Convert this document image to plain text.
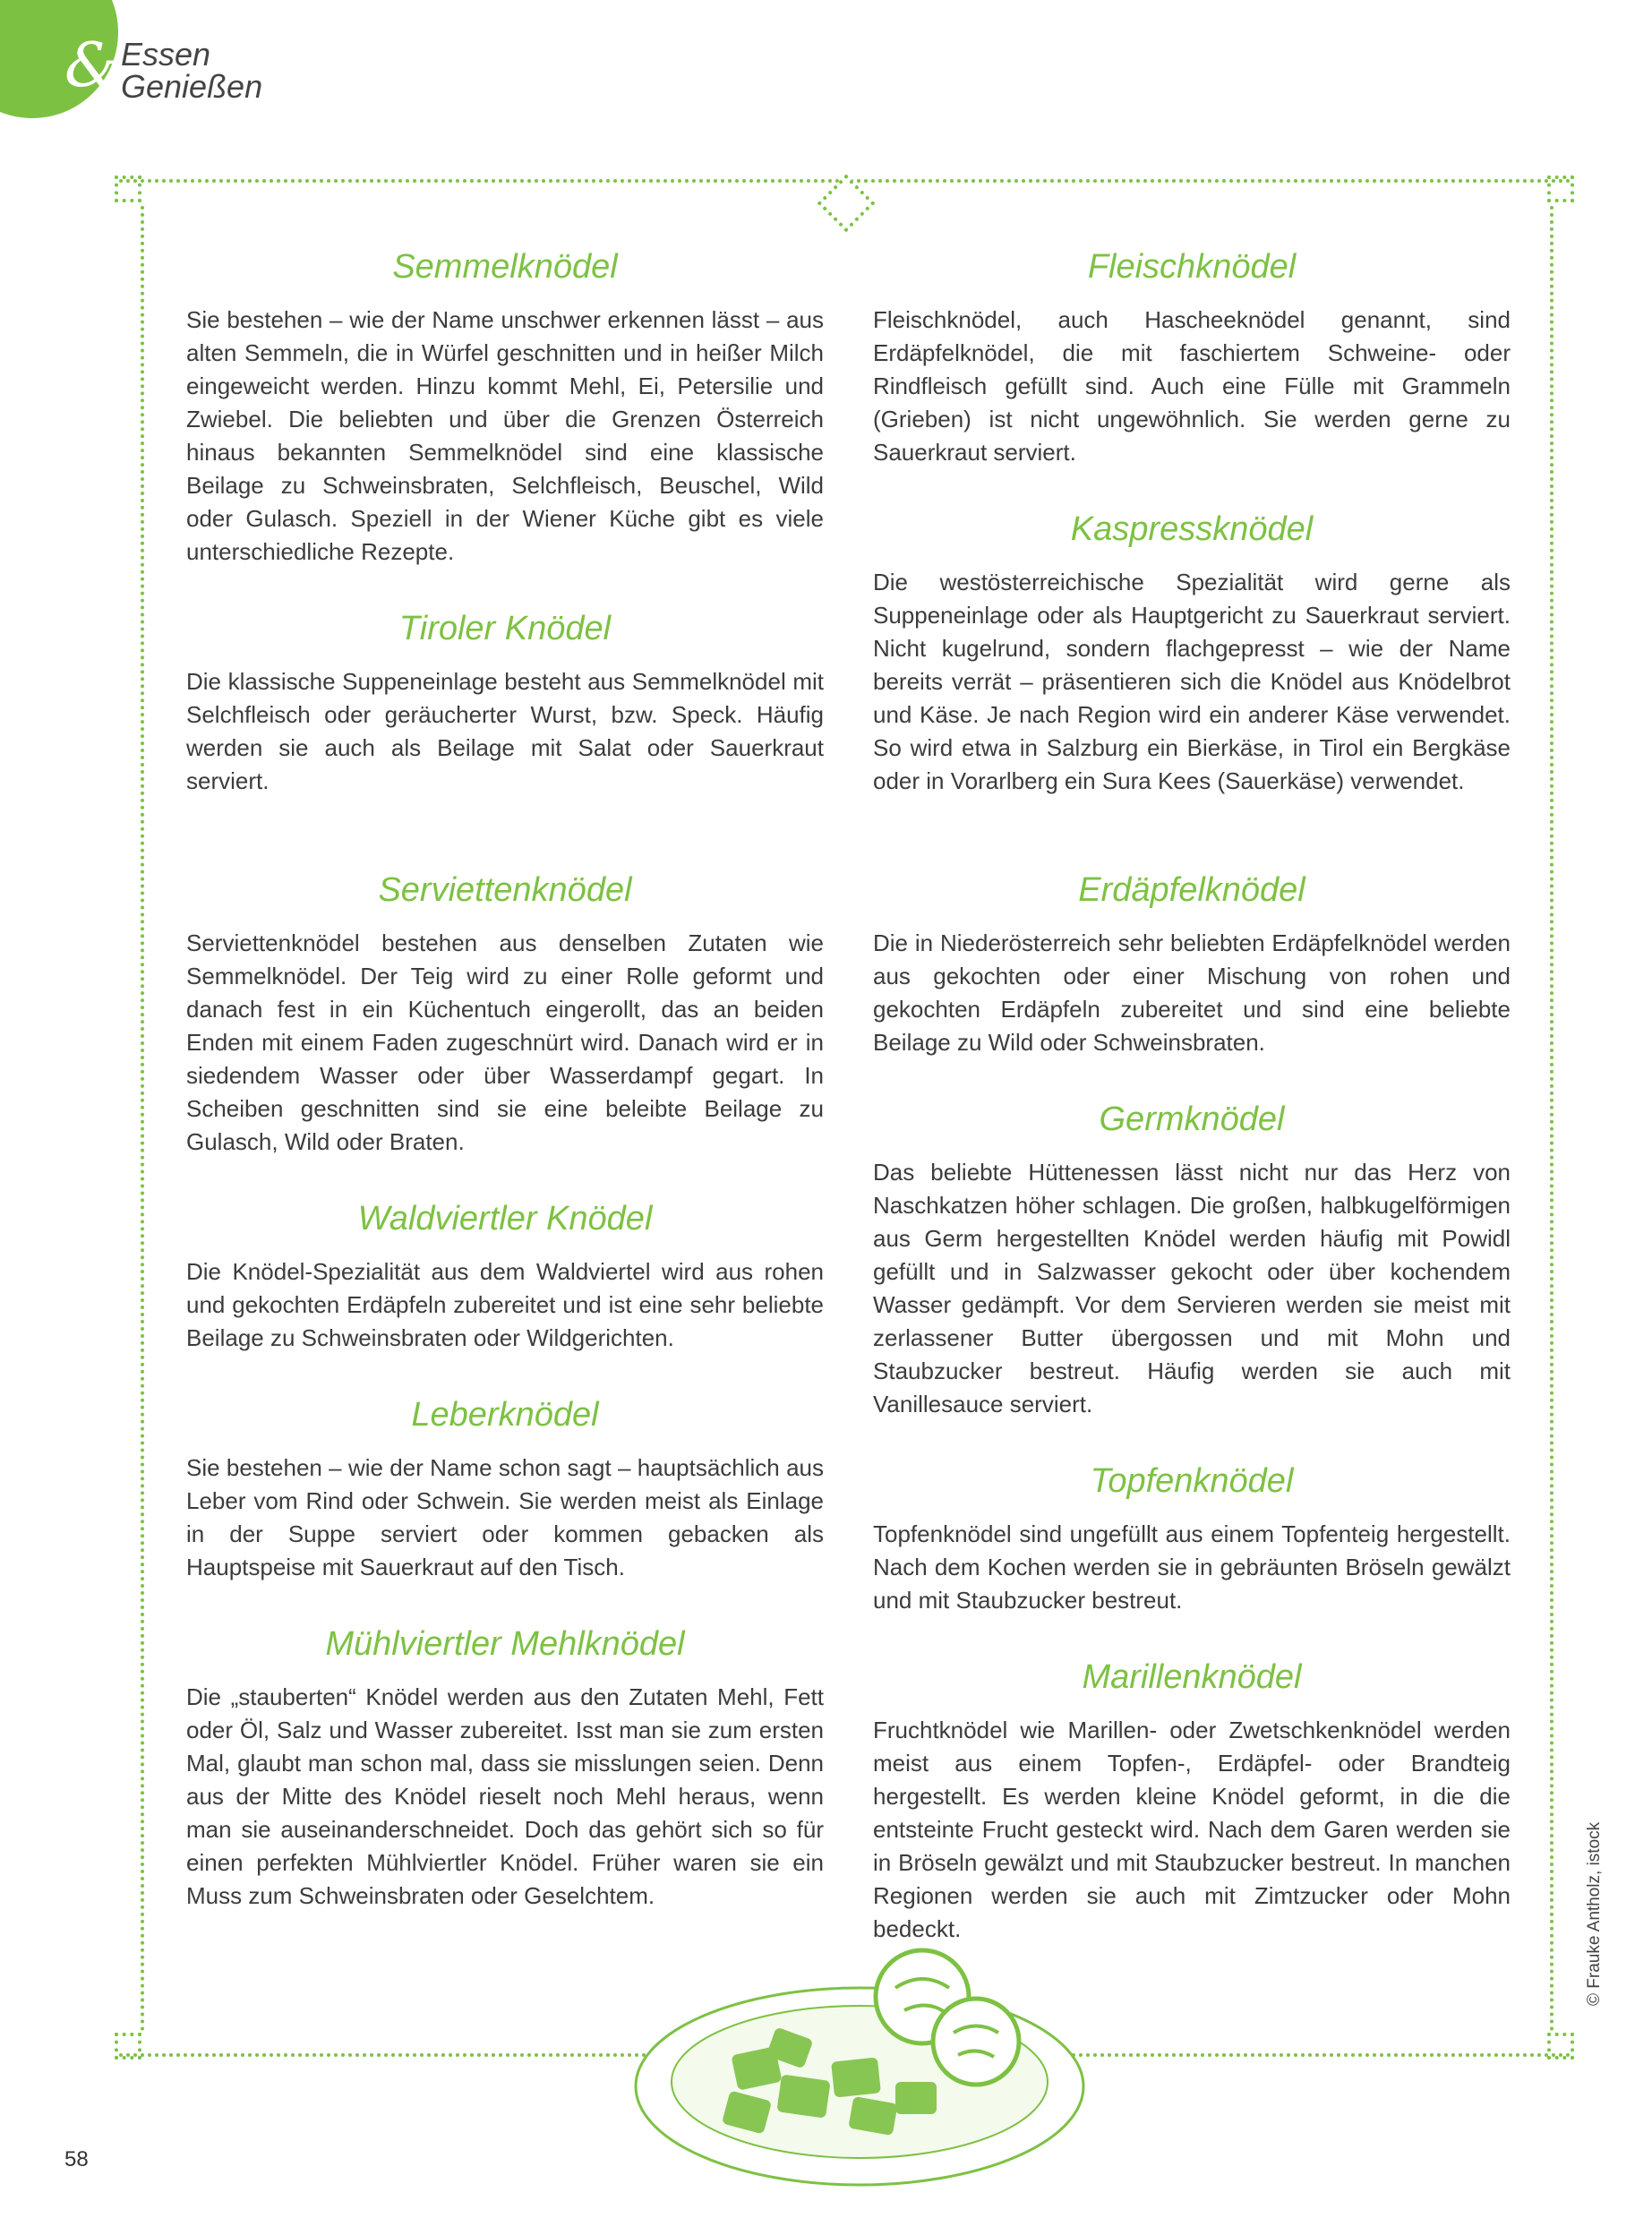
& Essen
Genießen
Semmelknödel

Sie bestehen – wie der Name unschwer erkennen lässt – aus alten Semmeln, die in Würfel geschnitten und in heißer Milch eingeweicht werden. Hinzu kommt Mehl, Ei, Petersilie und Zwiebel. Die beliebten und über die Grenzen Österreich hinaus bekannten Semmelknödel sind eine klassische Beilage zu Schweinsbraten, Selchfleisch, Beuschel, Wild oder Gulasch. Speziell in der Wiener Küche gibt es viele unterschiedliche Rezepte.

Tiroler Knödel

Die klassische Suppeneinlage besteht aus Semmelknödel mit Selchfleisch oder geräucherter Wurst, bzw. Speck. Häufig werden sie auch als Beilage mit Salat oder Sauerkraut serviert.

Serviettenknödel

Serviettenknödel bestehen aus denselben Zutaten wie Semmelknödel. Der Teig wird zu einer Rolle geformt und danach fest in ein Küchentuch eingerollt, das an beiden Enden mit einem Faden zugeschnürt wird. Danach wird er in siedendem Wasser oder über Wasserdampf gegart. In Scheiben geschnitten sind sie eine beleibte Beilage zu Gulasch, Wild oder Braten.

Waldviertler Knödel

Die Knödel-Spezialität aus dem Waldviertel wird aus rohen und gekochten Erdäpfeln zubereitet und ist eine sehr beliebte Beilage zu Schweinsbraten oder Wildgerichten.

Leberknödel

Sie bestehen – wie der Name schon sagt – hauptsächlich aus Leber vom Rind oder Schwein. Sie werden meist als Einlage in der Suppe serviert oder kommen gebacken als Hauptspeise mit Sauerkraut auf den Tisch.

Mühlviertler Mehlknödel

Die „stauberten“ Knödel werden aus den Zutaten Mehl, Fett oder Öl, Salz und Wasser zubereitet. Isst man sie zum ersten Mal, glaubt man schon mal, dass sie misslungen seien. Denn aus der Mitte des Knödel rieselt noch Mehl heraus, wenn man sie auseinanderschneidet. Doch das gehört sich so für einen perfekten Mühlviertler Knödel. Früher waren sie ein Muss zum Schweinsbraten oder Geselchtem.

Fleischknödel

Fleischknödel, auch Hascheeknödel genannt, sind Erdäpfelknödel, die mit faschiertem Schweine- oder Rindfleisch gefüllt sind. Auch eine Fülle mit Grammeln (Grieben) ist nicht ungewöhnlich. Sie werden gerne zu Sauerkraut serviert.

Kaspressknödel

Die westösterreichische Spezialität wird gerne als Suppeneinlage oder als Hauptgericht zu Sauerkraut serviert. Nicht kugelrund, sondern flachgepresst – wie der Name bereits verrät – präsentieren sich die Knödel aus Knödelbrot und Käse. Je nach Region wird ein anderer Käse verwendet. So wird etwa in Salzburg ein Bierkäse, in Tirol ein Bergkäse oder in Vorarlberg ein Sura Kees (Sauerkäse) verwendet.

Erdäpfelknödel

Die in Niederösterreich sehr beliebten Erdäpfelknödel werden aus gekochten oder einer Mischung von rohen und gekochten Erdäpfeln zubereitet und sind eine beliebte Beilage zu Wild oder Schweinsbraten.

Germknödel

Das beliebte Hüttenessen lässt nicht nur das Herz von Naschkatzen höher schlagen. Die großen, halbkugelförmigen aus Germ hergestellten Knödel werden häufig mit Powidl gefüllt und in Salzwasser gekocht oder über kochendem Wasser gedämpft. Vor dem Servieren werden sie meist mit zerlassener Butter übergossen und mit Mohn und Staubzucker bestreut. Häufig werden sie auch mit Vanillesauce serviert.

Topfenknödel

Topfenknödel sind ungefüllt aus einem Topfenteig hergestellt. Nach dem Kochen werden sie in gebräunten Bröseln gewälzt und mit Staubzucker bestreut.

Marillenknödel

Fruchtknödel wie Marillen- oder Zwetschkenknödel werden meist aus einem Topfen-, Erdäpfel- oder Brandteig hergestellt. Es werden kleine Knödel geformt, in die die entsteinte Frucht gesteckt wird. Nach dem Garen werden sie in Bröseln gewälzt und mit Staubzucker bestreut. In manchen Regionen werden sie auch mit Zimtzucker oder Mohn bedeckt.

58
© Frauke Antholz, istock
